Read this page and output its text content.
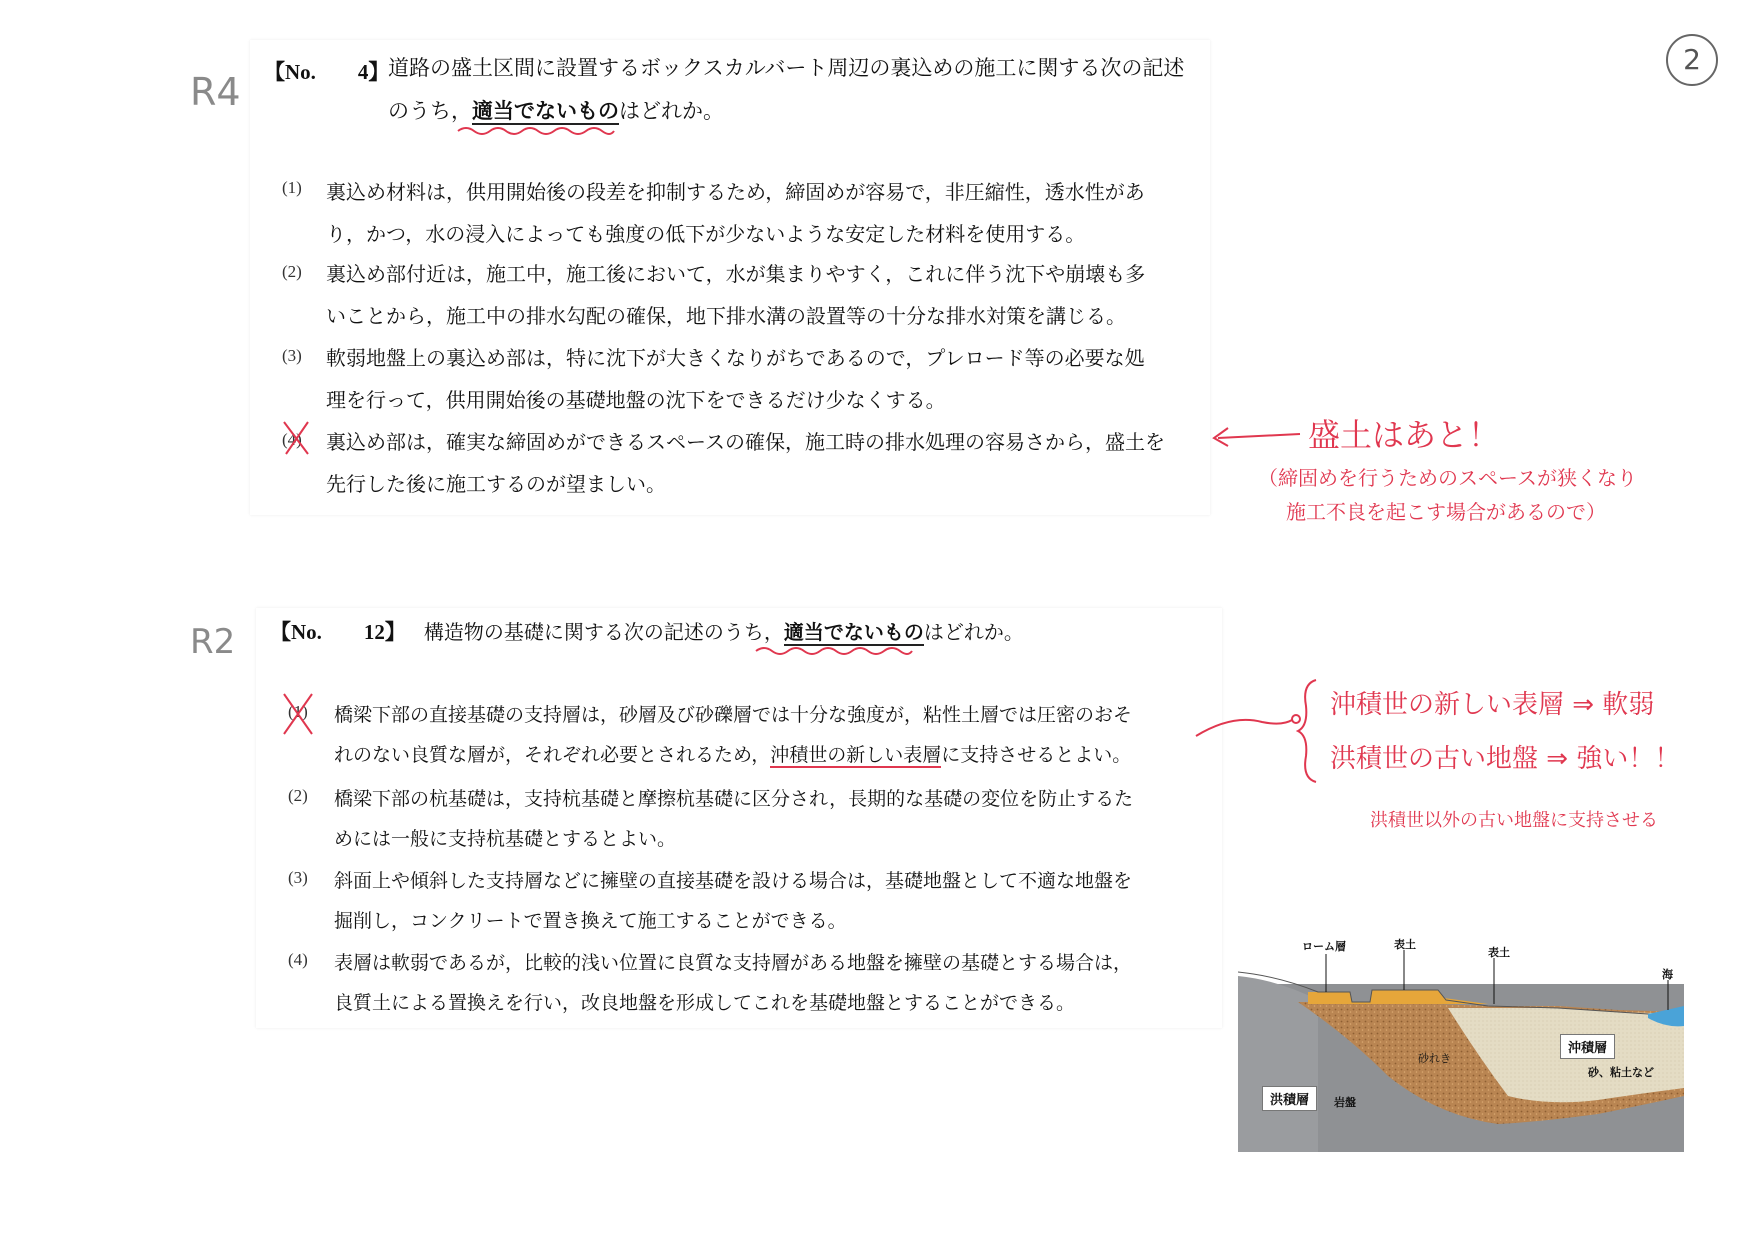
2
R4 【No.　　4】
道路の盛土区間に設置するボックスカルバート周辺の裏込めの施工に関する次の記述
のうち，適当でないものはどれか。
(1) 裏込め材料は，供用開始後の段差を抑制するため，締固めが容易で，非圧縮性，透水性があ
り，かつ，水の浸入によっても強度の低下が少ないような安定した材料を使用する。
(2) 裏込め部付近は，施工中，施工後において，水が集まりやすく，これに伴う沈下や崩壊も多
いことから，施工中の排水勾配の確保，地下排水溝の設置等の十分な排水対策を講じる。
(3) 軟弱地盤上の裏込め部は，特に沈下が大きくなりがちであるので，プレロード等の必要な処
理を行って，供用開始後の基礎地盤の沈下をできるだけ少なくする。
(4) 裏込め部は，確実な締固めができるスペースの確保，施工時の排水処理の容易さから，盛土を
先行した後に施工するのが望ましい。
盛土はあと！
（締固めを行うためのスペースが狭くなり
施工不良を起こす場合があるので）
R2 【No.　　12】 構造物の基礎に関する次の記述のうち，適当でないものはどれか。
(1) 橋梁下部の直接基礎の支持層は，砂層及び砂礫層では十分な強度が，粘性土層では圧密のおそ
れのない良質な層が，それぞれ必要とされるため，沖積世の新しい表層に支持させるとよい。
(2) 橋梁下部の杭基礎は，支持杭基礎と摩擦杭基礎に区分され，長期的な基礎の変位を防止するた
めには一般に支持杭基礎とするとよい。
(3) 斜面上や傾斜した支持層などに擁壁の直接基礎を設ける場合は，基礎地盤として不適な地盤を
掘削し，コンクリートで置き換えて施工することができる。
(4) 表層は軟弱であるが，比較的浅い位置に良質な支持層がある地盤を擁壁の基礎とする場合は，
良質土による置換えを行い，改良地盤を形成してこれを基礎地盤とすることができる。
沖積世の新しい表層 ⇒ 軟弱
洪積世の古い地盤 ⇒ 強い！！
洪積世以外の古い地盤に支持させる
ローム層	表土
表土
海
砂れき
沖積層
砂、粘土など
洪積層	岩盤
